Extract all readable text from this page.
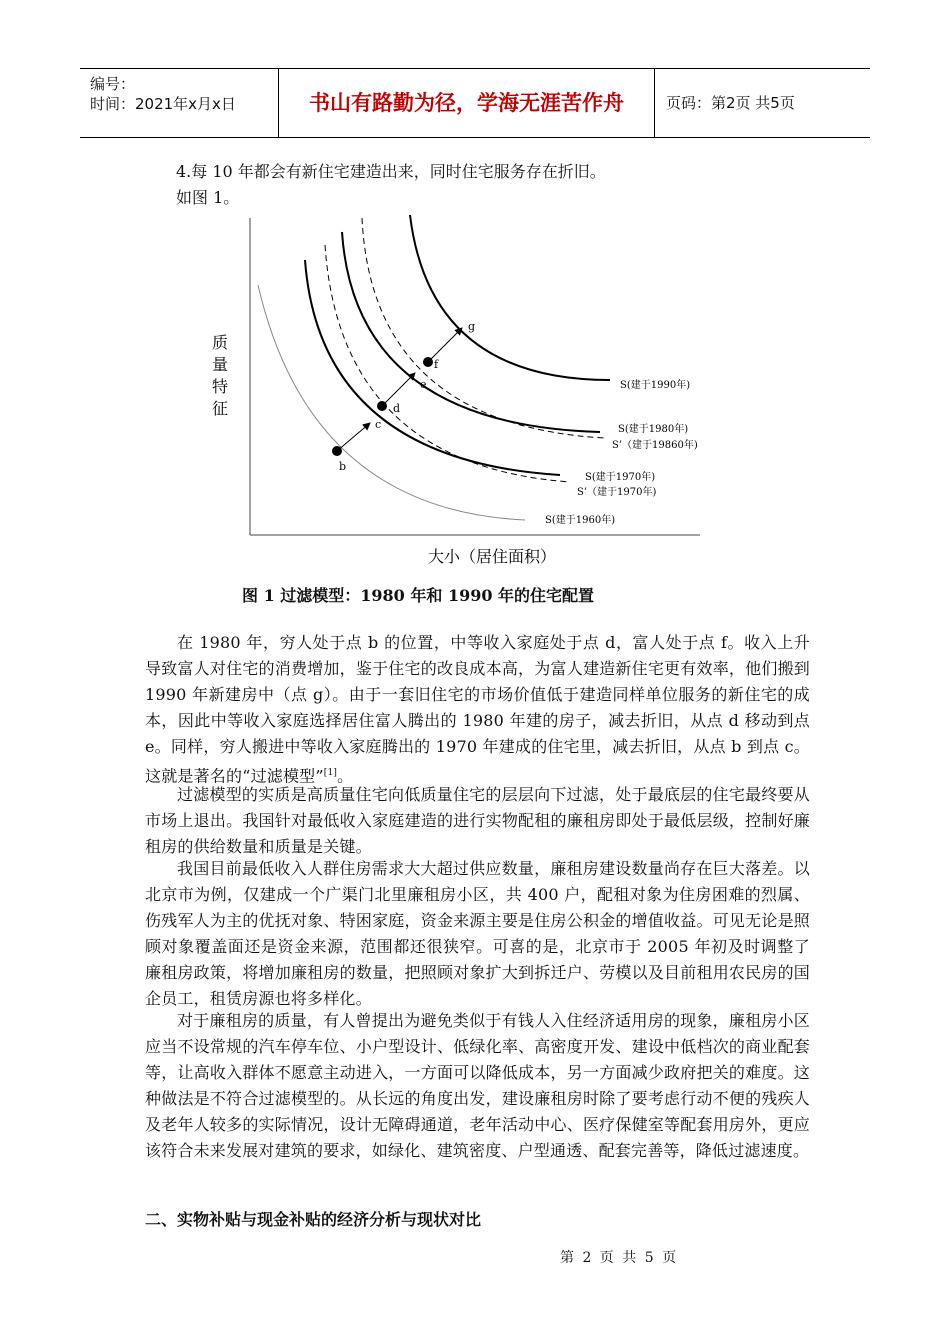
编号：
时间：2021年x月x日	书山有路勤为径，学海无涯苦作舟	页码：第2页 共5页
4.每 10 年都会有新住宅建造出来，同时住宅服务存在折旧。
如图 1。
质
量
特
征
大小（居住面积）
S(建于1990年)
S(建于1980年)
S’（建于19860年)
S(建于1970年)
S’（建于1970年)
S(建于1960年)
b
c
d
e
f
g
图 1 过滤模型：1980 年和 1990 年的住宅配置
在 1980 年，穷人处于点 b 的位置，中等收入家庭处于点 d，富人处于点 f。收入上升导致富人对住宅的消费增加，鉴于住宅的改良成本高，为富人建造新住宅更有效率，他们搬到 1990 年新建房中（点 g）。由于一套旧住宅的市场价值低于建造同样单位服务的新住宅的成本，因此中等收入家庭选择居住富人腾出的 1980 年建的房子，减去折旧，从点 d 移动到点 e。同样，穷人搬进中等收入家庭腾出的 1970 年建成的住宅里，减去折旧，从点 b 到点 c。这就是著名的“过滤模型”[1]。
过滤模型的实质是高质量住宅向低质量住宅的层层向下过滤，处于最底层的住宅最终要从市场上退出。我国针对最低收入家庭建造的进行实物配租的廉租房即处于最低层级，控制好廉租房的供给数量和质量是关键。
我国目前最低收入人群住房需求大大超过供应数量，廉租房建设数量尚存在巨大落差。以北京市为例，仅建成一个广渠门北里廉租房小区，共 400 户，配租对象为住房困难的烈属、伤残军人为主的优抚对象、特困家庭，资金来源主要是住房公积金的增值收益。可见无论是照顾对象覆盖面还是资金来源，范围都还很狭窄。可喜的是，北京市于 2005 年初及时调整了廉租房政策，将增加廉租房的数量，把照顾对象扩大到拆迁户、劳模以及目前租用农民房的国企员工，租赁房源也将多样化。
对于廉租房的质量，有人曾提出为避免类似于有钱人入住经济适用房的现象，廉租房小区应当不设常规的汽车停车位、小户型设计、低绿化率、高密度开发、建设中低档次的商业配套等，让高收入群体不愿意主动进入，一方面可以降低成本，另一方面减少政府把关的难度。这种做法是不符合过滤模型的。从长远的角度出发，建设廉租房时除了要考虑行动不便的残疾人及老年人较多的实际情况，设计无障碍通道，老年活动中心、医疗保健室等配套用房外，更应该符合未来发展对建筑的要求，如绿化、建筑密度、户型通透、配套完善等，降低过滤速度。
二、实物补贴与现金补贴的经济分析与现状对比
第 2 页 共 5 页
